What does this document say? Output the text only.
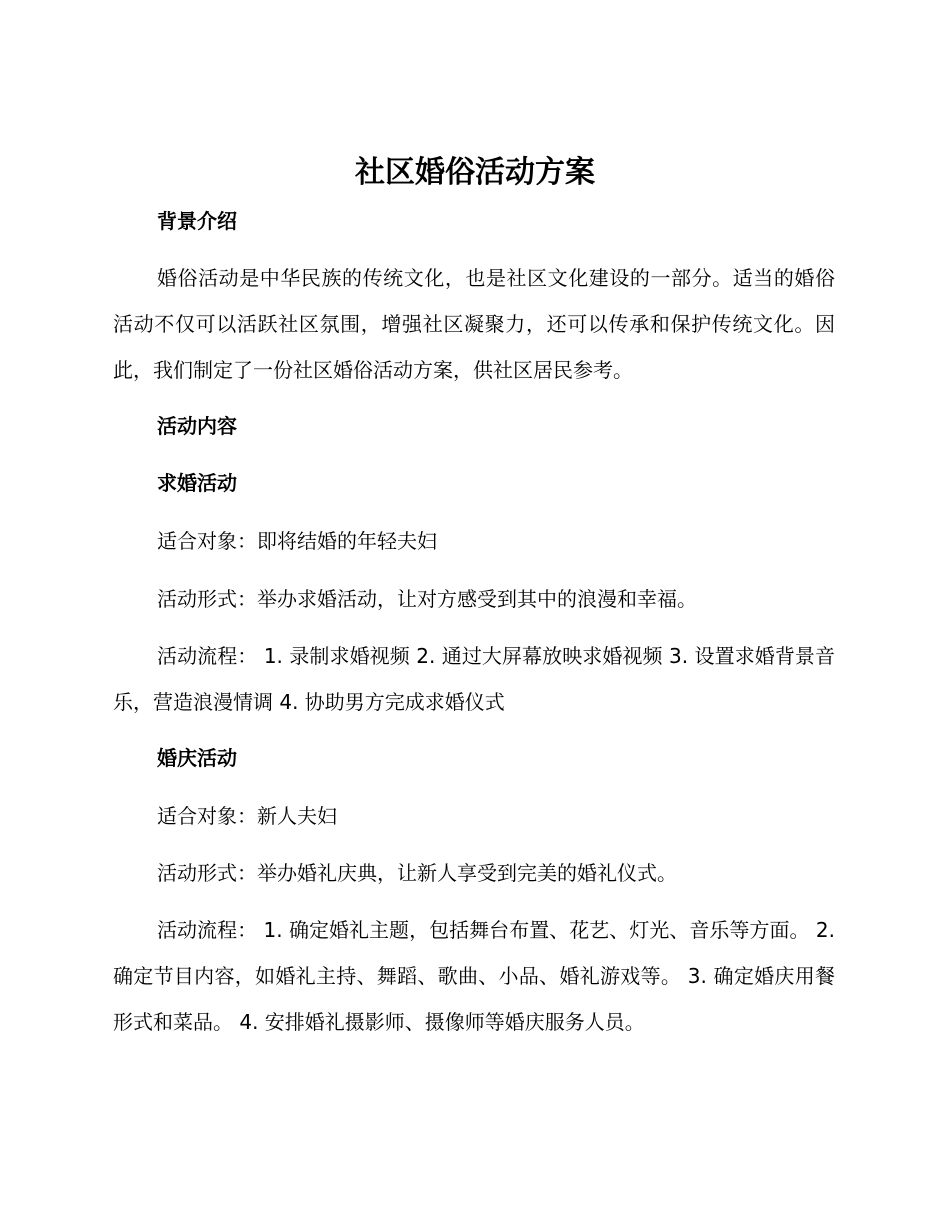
社区婚俗活动方案
背景介绍

婚俗活动是中华民族的传统文化，也是社区文化建设的一部分。适当的婚俗活动不仅可以活跃社区氛围，增强社区凝聚力，还可以传承和保护传统文化。因此，我们制定了一份社区婚俗活动方案，供社区居民参考。

活动内容
求婚活动

适合对象：即将结婚的年轻夫妇

活动形式：举办求婚活动，让对方感受到其中的浪漫和幸福。

活动流程： 1. 录制求婚视频 2. 通过大屏幕放映求婚视频 3. 设置求婚背景音乐，营造浪漫情调 4. 协助男方完成求婚仪式

婚庆活动

适合对象：新人夫妇

活动形式：举办婚礼庆典，让新人享受到完美的婚礼仪式。

活动流程： 1. 确定婚礼主题，包括舞台布置、花艺、灯光、音乐等方面。 2. 确定节目内容，如婚礼主持、舞蹈、歌曲、小品、婚礼游戏等。 3. 确定婚庆用餐形式和菜品。 4. 安排婚礼摄影师、摄像师等婚庆服务人员。
